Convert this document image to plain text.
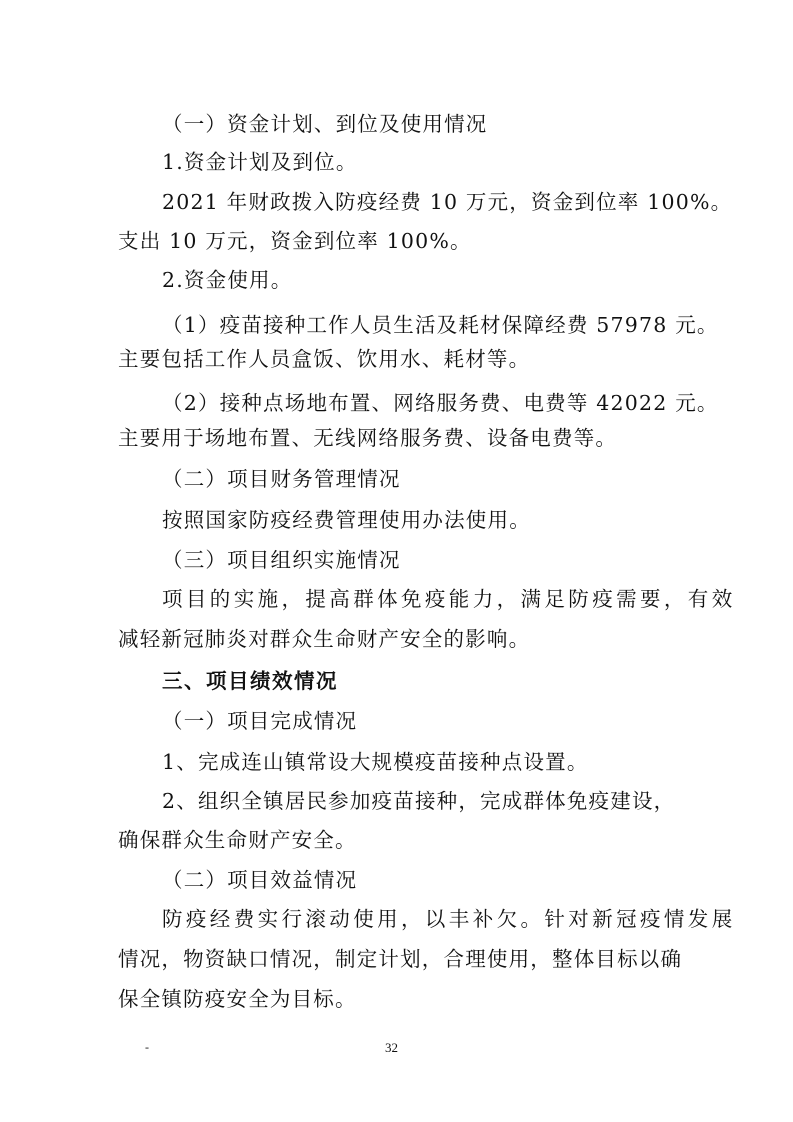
（一）资金计划、到位及使用情况
1.资金计划及到位。
2021 年财政拨入防疫经费 10 万元，资金到位率 100%。
支出 10 万元，资金到位率 100%。
2.资金使用。
（1）疫苗接种工作人员生活及耗材保障经费 57978 元。
主要包括工作人员盒饭、饮用水、耗材等。
（2）接种点场地布置、网络服务费、电费等 42022 元。
主要用于场地布置、无线网络服务费、设备电费等。
（二）项目财务管理情况
按照国家防疫经费管理使用办法使用。
（三）项目组织实施情况
项目的实施，提高群体免疫能力，满足防疫需要，有效
减轻新冠肺炎对群众生命财产安全的影响。
三、项目绩效情况
（一）项目完成情况
1、完成连山镇常设大规模疫苗接种点设置。
2、组织全镇居民参加疫苗接种，完成群体免疫建设，
确保群众生命财产安全。
（二）项目效益情况
防疫经费实行滚动使用，以丰补欠。针对新冠疫情发展
情况，物资缺口情况，制定计划，合理使用，整体目标以确
保全镇防疫安全为目标。
-	32
